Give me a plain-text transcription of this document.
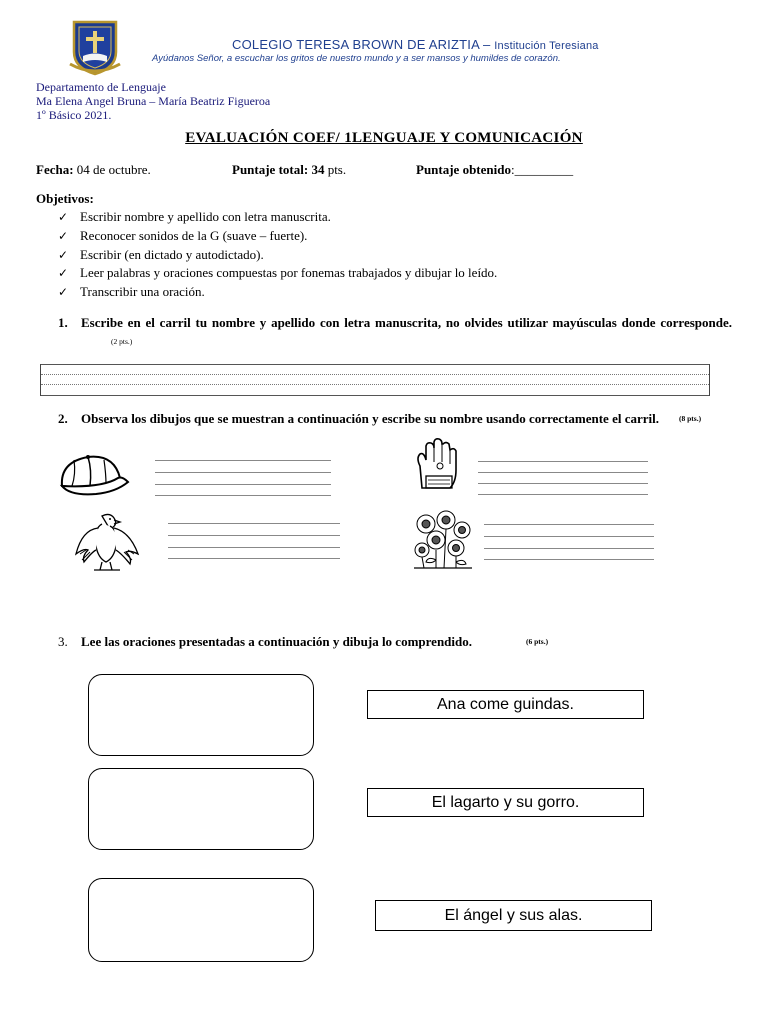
COLEGIO TERESA BROWN DE ARIZTIA – Institución Teresiana
Ayúdanos Señor, a escuchar los gritos de nuestro mundo y a ser mansos y humildes de corazón.
Departamento de Lenguaje
Ma Elena Angel Bruna – María Beatriz Figueroa
1º Básico 2021.
EVALUACIÓN COEF/ 1LENGUAJE Y COMUNICACIÓN
Fecha: 04 de octubre.	Puntaje total: 34 pts.	Puntaje obtenido:_________
Objetivos:
✓ Escribir nombre y apellido con letra manuscrita.
✓ Reconocer sonidos de la G (suave – fuerte).
✓ Escribir (en dictado y autodictado).
✓ Leer palabras y oraciones compuestas por fonemas trabajados y dibujar lo leído.
✓ Transcribir una oración.
1. Escribe en el carril tu nombre y apellido con letra manuscrita, no olvides utilizar mayúsculas donde corresponde.(2 pts.)
2. Observa los dibujos que se muestran a continuación y escribe su nombre usando correctamente el carril.	(8 pts.)
3. Lee las oraciones presentadas a continuación y dibuja lo comprendido.	(6 pts.)
Ana come guindas.
El lagarto y su gorro.
El ángel y sus alas.
